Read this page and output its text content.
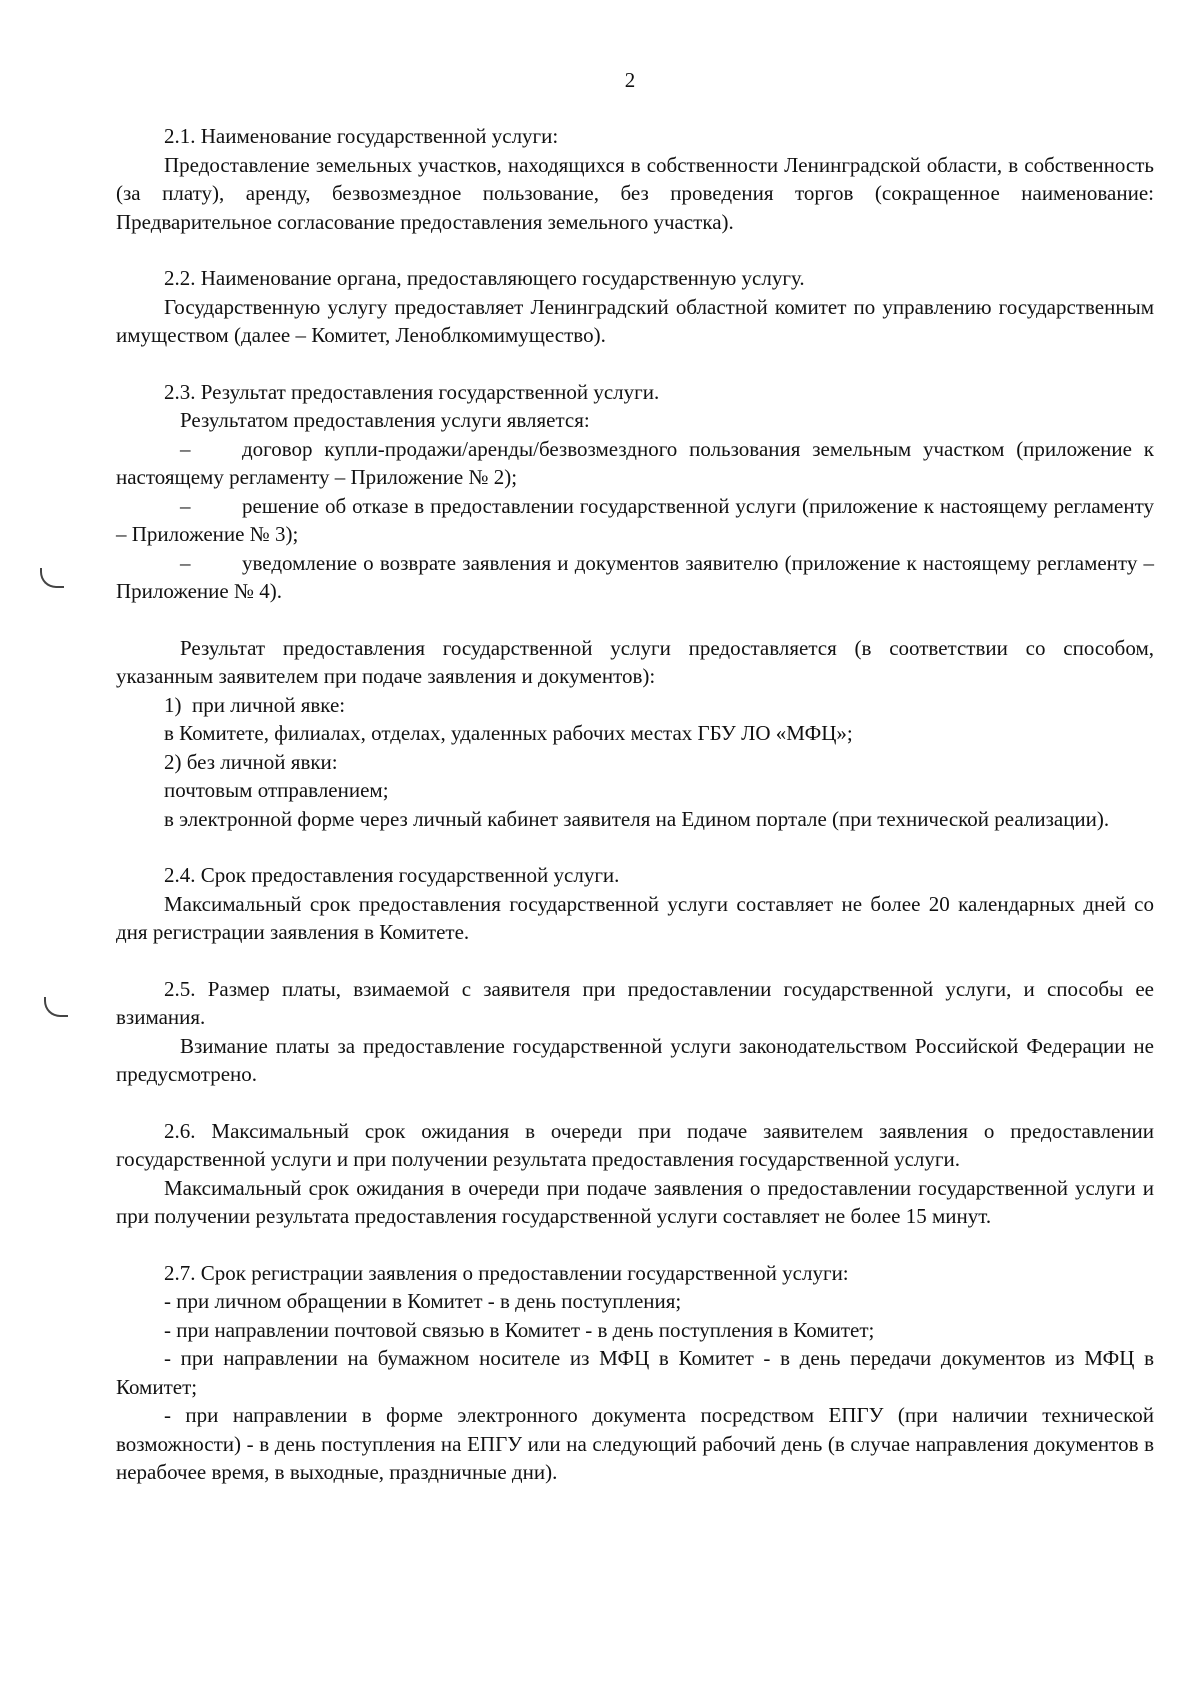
2

2.1. Наименование государственной услуги:

Предоставление земельных участков, находящихся в собственности Ленинградской области, в собственность (за плату), аренду, безвозмездное пользование, без проведения торгов (сокращенное наименование: Предварительное согласование предоставления земельного участка).

2.2. Наименование органа, предоставляющего государственную услугу.

Государственную услугу предоставляет Ленинградский областной комитет по управлению государственным имуществом (далее – Комитет, Леноблкомимущество).

2.3. Результат предоставления государственной услуги.

Результатом предоставления услуги является:

– договор купли-продажи/аренды/безвозмездного пользования земельным участком (приложение к настоящему регламенту – Приложение № 2);

– решение об отказе в предоставлении государственной услуги (приложение к настоящему регламенту – Приложение № 3);

– уведомление о возврате заявления и документов заявителю (приложение к настоящему регламенту – Приложение № 4).

Результат предоставления государственной услуги предоставляется (в соответствии со способом, указанным заявителем при подаче заявления и документов):

1)  при личной явке:

в Комитете, филиалах, отделах, удаленных рабочих местах ГБУ ЛО «МФЦ»;

2) без личной явки:

почтовым отправлением;

в электронной форме через личный кабинет заявителя на Едином портале (при технической реализации).

2.4. Срок предоставления государственной услуги.

Максимальный срок предоставления государственной услуги составляет не более 20 календарных дней со дня регистрации заявления в Комитете.

2.5. Размер платы, взимаемой с заявителя при предоставлении государственной услуги, и способы ее взимания.

Взимание платы за предоставление государственной услуги законодательством Российской Федерации не предусмотрено.

2.6. Максимальный срок ожидания в очереди при подаче заявителем заявления о предоставлении государственной услуги и при получении результата предоставления государственной услуги.

Максимальный срок ожидания в очереди при подаче заявления о предоставлении государственной услуги и при получении результата предоставления государственной услуги составляет не более 15 минут.

2.7. Срок регистрации заявления о предоставлении государственной услуги:

- при личном обращении в Комитет - в день поступления;

- при направлении почтовой связью в Комитет - в день поступления в Комитет;

- при направлении на бумажном носителе из МФЦ в Комитет - в день передачи документов из МФЦ в Комитет;

- при направлении в форме электронного документа посредством ЕПГУ (при наличии технической возможности) - в день поступления на ЕПГУ или на следующий рабочий день (в случае направления документов в нерабочее время, в выходные, праздничные дни).
